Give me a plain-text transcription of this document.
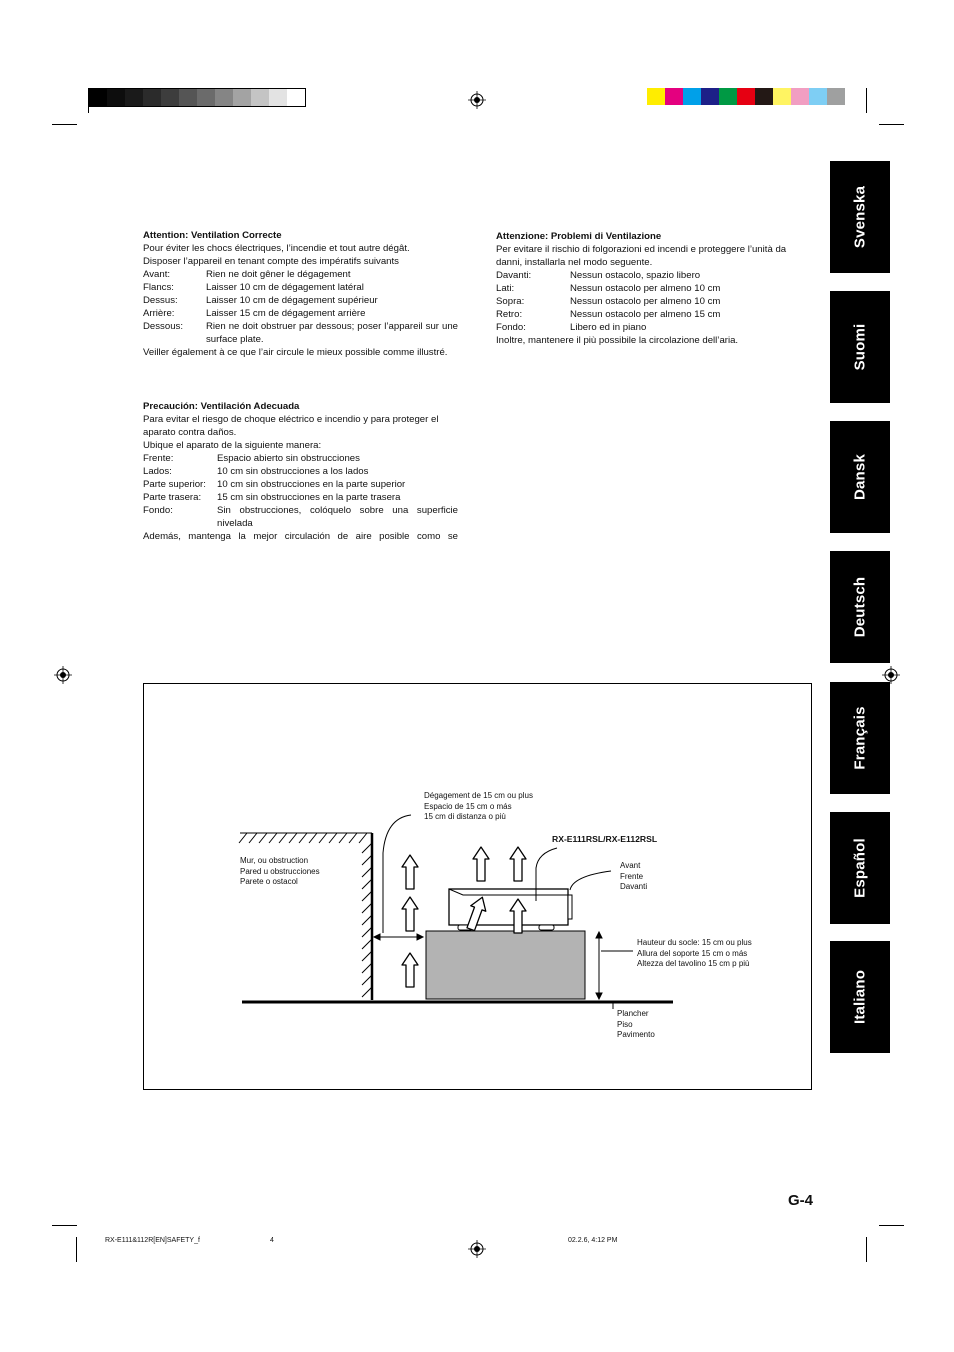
Attention: Ventilation Correcte
Pour éviter les chocs électriques, l’incendie et tout autre dégât.
Disposer l’appareil en tenant compte des impératifs suivants
Avant:	Rien ne doit gêner le dégagement
Flancs:	Laisser 10 cm de dégagement latéral
Dessus:	Laisser 10 cm de dégagement supérieur
Arrière:	Laisser 15 cm de dégagement arrière
Dessous:	Rien ne doit obstruer par dessous; poser l’appareil sur une surface plate.
Veiller également à ce que l’air circule le mieux possible comme illustré.
Precaución: Ventilación Adecuada
Para evitar el riesgo de choque eléctrico e incendio y para proteger el aparato contra daños.
Ubique el aparato de la siguiente manera:
Frente:	Espacio abierto sin obstrucciones
Lados:	10 cm sin obstrucciones a los lados
Parte superior:	10 cm sin obstrucciones en la parte superior
Parte trasera:	15 cm sin obstrucciones en la parte trasera
Fondo:	Sin obstrucciones, colóquelo sobre una superficie nivelada
Además, mantenga la mejor circulación de aire posible como se
Attenzione: Problemi di Ventilazione
Per evitare il rischio di folgorazioni ed incendi e proteggere l’unità da danni, installarla nel modo seguente.
Davanti:	Nessun ostacolo, spazio libero
Lati:	Nessun ostacolo per almeno 10 cm
Sopra:	Nessun ostacolo per almeno 10 cm
Retro:	Nessun ostacolo per almeno 15 cm
Fondo:	Libero ed in piano
Inoltre, mantenere il più possibile la circolazione dell’aria.
Svenska
Suomi
Dansk
Deutsch
Français
Español
Italiano
Dégagement de 15 cm ou plus
Espacio de 15 cm o más
15 cm di distanza o più
RX-E111RSL/RX-E112RSL
Mur, ou obstruction
Pared u obstrucciones
Parete o ostacol
Avant
Frente
Davanti
Hauteur du socle: 15 cm ou plus
Allura del soporte 15 cm o más
Altezza del tavolino 15 cm p più
Plancher
Piso
Pavimento
G-4
RX-E111&112R[EN]SAFETY_f	4	02.2.6, 4:12 PM
